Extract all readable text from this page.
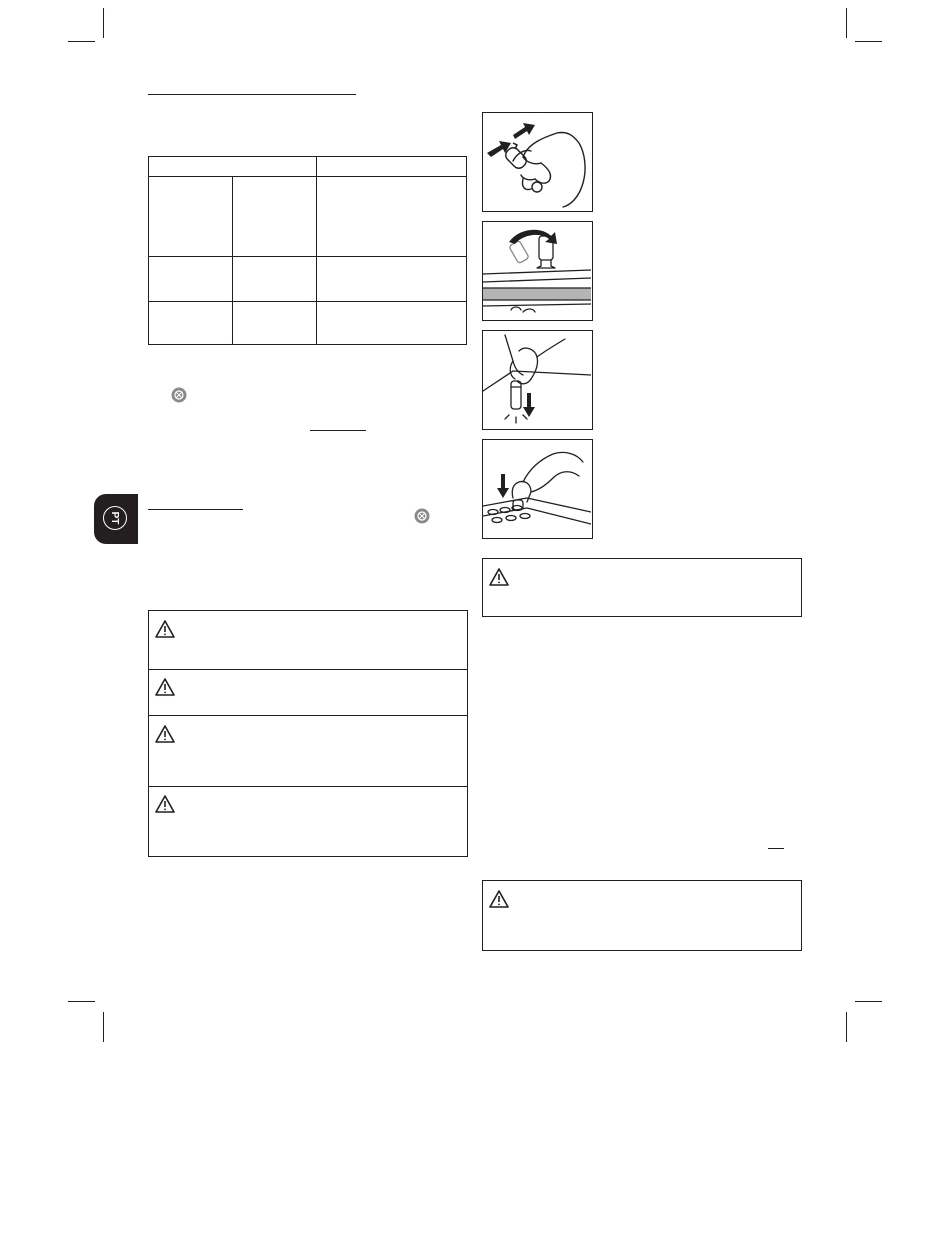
PT
